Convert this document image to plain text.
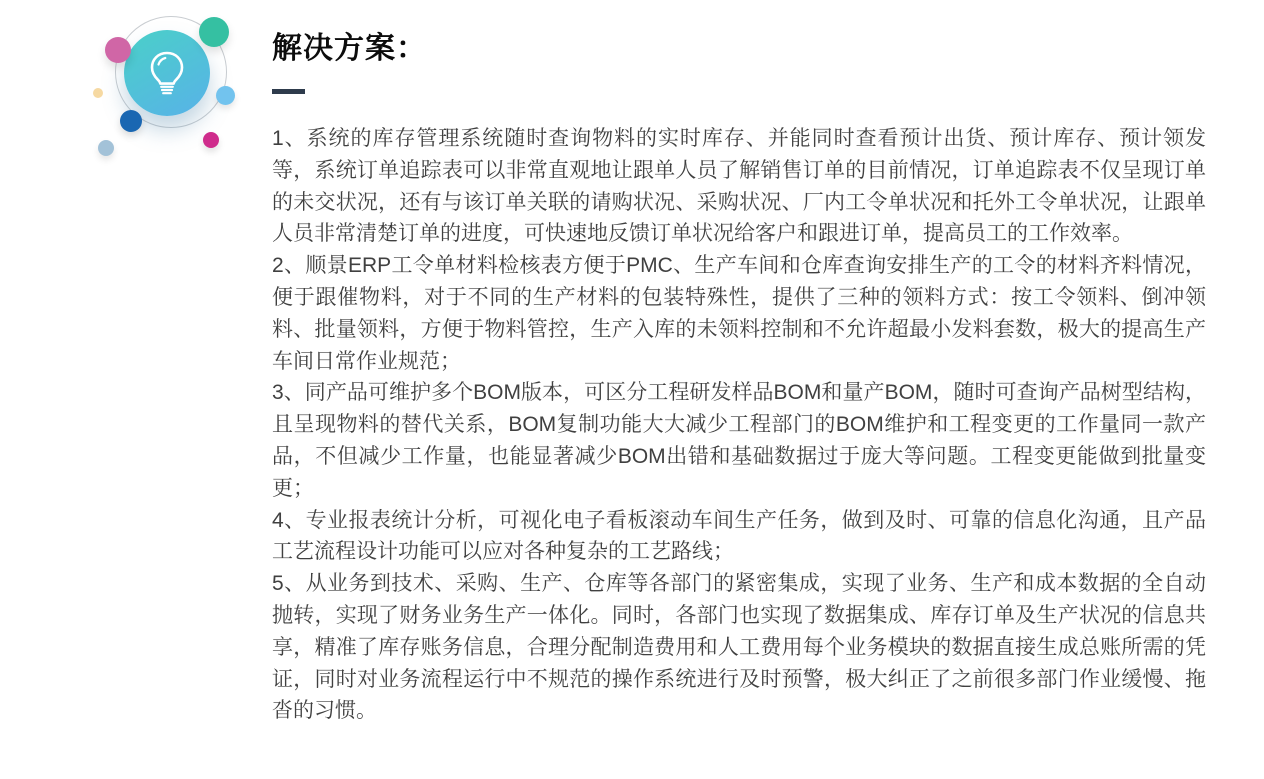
解决方案：

1、系统的库存管理系统随时查询物料的实时库存、并能同时查看预计出货、预计库存、预计领发等，系统订单追踪表可以非常直观地让跟单人员了解销售订单的目前情况，订单追踪表不仅呈现订单的未交状况，还有与该订单关联的请购状况、采购状况、厂内工令单状况和托外工令单状况，让跟单人员非常清楚订单的进度，可快速地反馈订单状况给客户和跟进订单，提高员工的工作效率。

2、顺景ERP工令单材料检核表方便于PMC、生产车间和仓库查询安排生产的工令的材料齐料情况，便于跟催物料，对于不同的生产材料的包装特殊性，提供了三种的领料方式：按工令领料、倒冲领料、批量领料，方便于物料管控，生产入库的未领料控制和不允许超最小发料套数，极大的提高生产车间日常作业规范；

3、同产品可维护多个BOM版本，可区分工程研发样品BOM和量产BOM，随时可查询产品树型结构，且呈现物料的替代关系，BOM复制功能大大减少工程部门的BOM维护和工程变更的工作量同一款产品，不但减少工作量，也能显著减少BOM出错和基础数据过于庞大等问题。工程变更能做到批量变更；

4、专业报表统计分析，可视化电子看板滚动车间生产任务，做到及时、可靠的信息化沟通，且产品工艺流程设计功能可以应对各种复杂的工艺路线；

5、从业务到技术、采购、生产、仓库等各部门的紧密集成，实现了业务、生产和成本数据的全自动抛转，实现了财务业务生产一体化。同时，各部门也实现了数据集成、库存订单及生产状况的信息共享，精准了库存账务信息，合理分配制造费用和人工费用每个业务模块的数据直接生成总账所需的凭证，同时对业务流程运行中不规范的操作系统进行及时预警，极大纠正了之前很多部门作业缓慢、拖沓的习惯。
